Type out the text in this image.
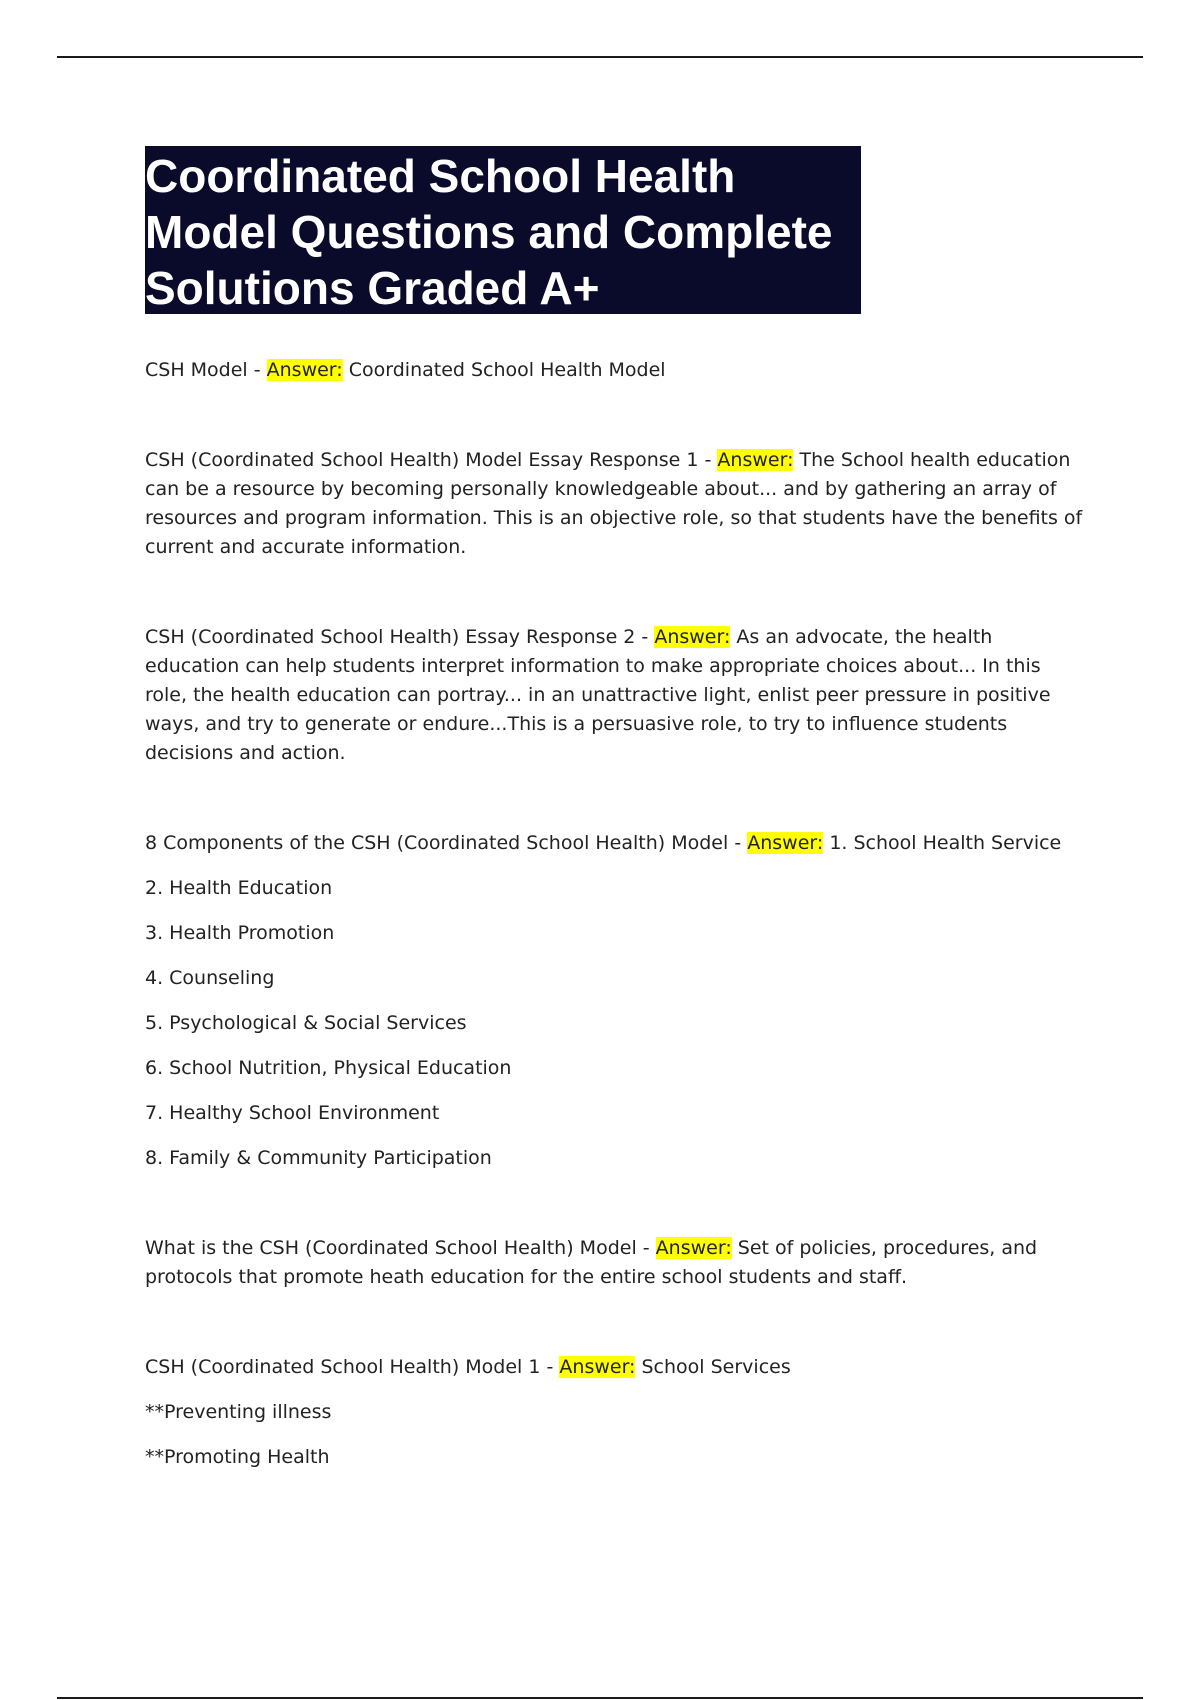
Coordinated School Health Model Questions and Complete Solutions Graded A+

CSH Model - Answer: Coordinated School Health Model

CSH (Coordinated School Health) Model Essay Response 1 - Answer: The School health education can be a resource by becoming personally knowledgeable about... and by gathering an array of resources and program information. This is an objective role, so that students have the benefits of current and accurate information.

CSH (Coordinated School Health) Essay Response 2 - Answer: As an advocate, the health education can help students interpret information to make appropriate choices about... In this role, the health education can portray... in an unattractive light, enlist peer pressure in positive ways, and try to generate or endure...This is a persuasive role, to try to influence students decisions and action.

8 Components of the CSH (Coordinated School Health) Model - Answer: 1. School Health Service

2. Health Education
3. Health Promotion
4. Counseling
5. Psychological & Social Services
6. School Nutrition, Physical Education
7. Healthy School Environment
8. Family & Community Participation

What is the CSH (Coordinated School Health) Model - Answer: Set of policies, procedures, and protocols that promote heath education for the entire school students and staff.

CSH (Coordinated School Health) Model 1 - Answer: School Services

**Preventing illness
**Promoting Health
